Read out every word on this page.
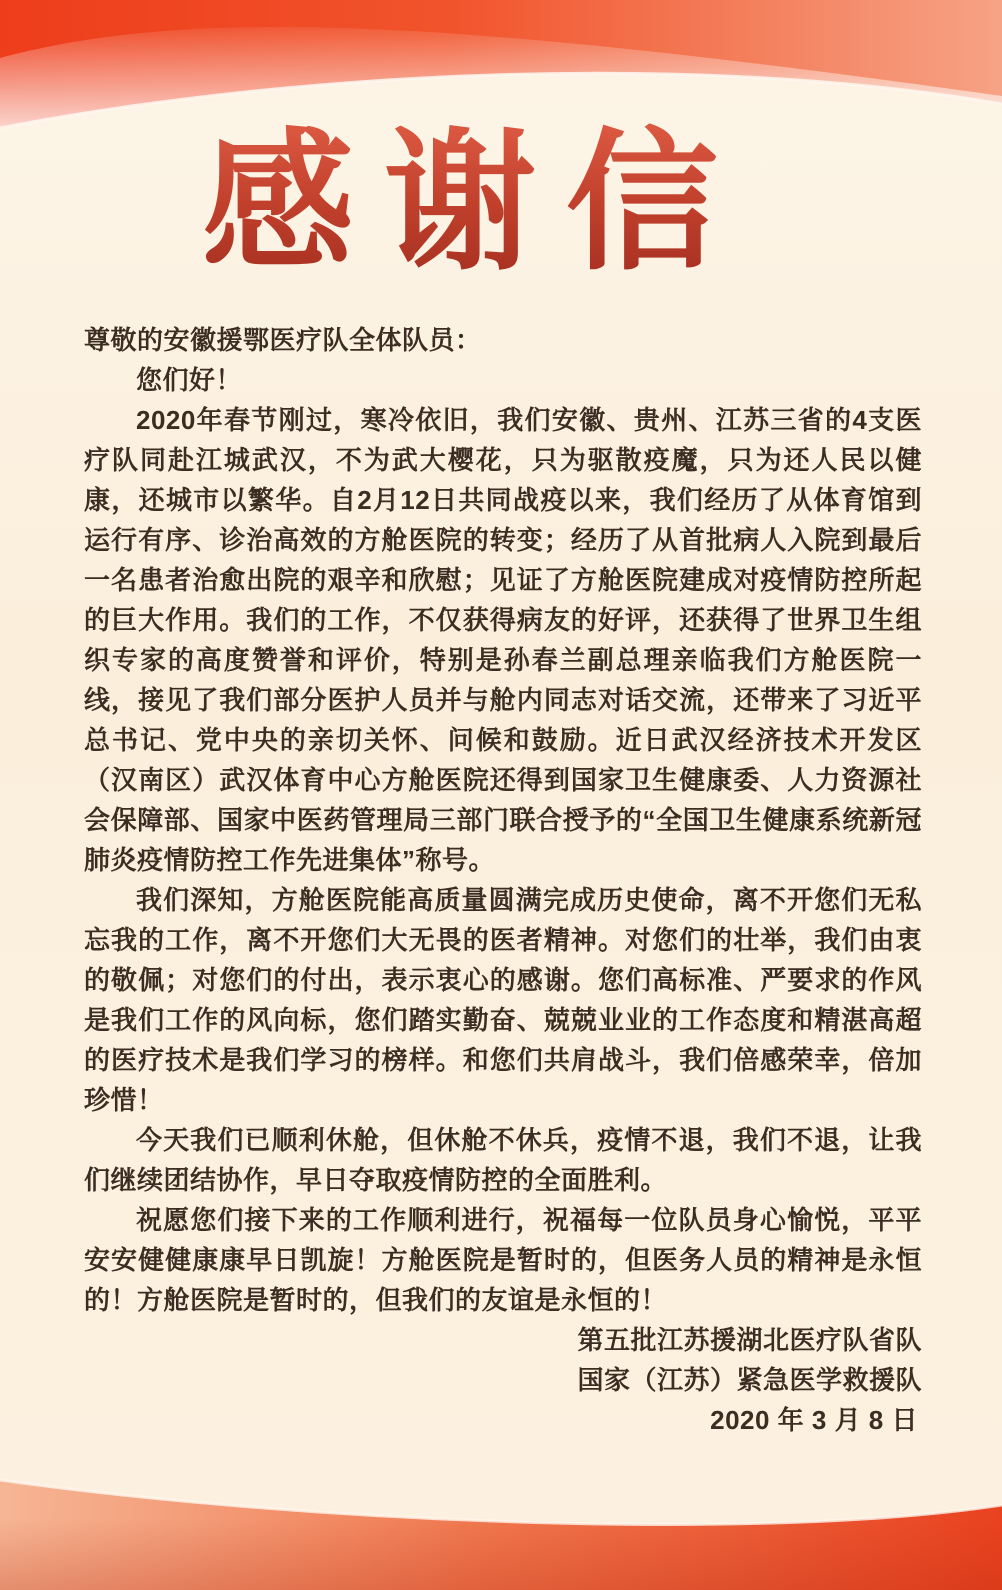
感谢信

尊敬的安徽援鄂医疗队全体队员：

您们好！

2020年春节刚过，寒冷依旧，我们安徽、贵州、江苏三省的4支医疗队同赴江城武汉，不为武大樱花，只为驱散疫魔，只为还人民以健康，还城市以繁华。自2月12日共同战疫以来，我们经历了从体育馆到运行有序、诊治高效的方舱医院的转变；经历了从首批病人入院到最后一名患者治愈出院的艰辛和欣慰；见证了方舱医院建成对疫情防控所起的巨大作用。我们的工作，不仅获得病友的好评，还获得了世界卫生组织专家的高度赞誉和评价，特别是孙春兰副总理亲临我们方舱医院一线，接见了我们部分医护人员并与舱内同志对话交流，还带来了习近平总书记、党中央的亲切关怀、问候和鼓励。近日武汉经济技术开发区（汉南区）武汉体育中心方舱医院还得到国家卫生健康委、人力资源社会保障部、国家中医药管理局三部门联合授予的“全国卫生健康系统新冠肺炎疫情防控工作先进集体”称号。

我们深知，方舱医院能高质量圆满完成历史使命，离不开您们无私忘我的工作，离不开您们大无畏的医者精神。对您们的壮举，我们由衷的敬佩；对您们的付出，表示衷心的感谢。您们高标准、严要求的作风是我们工作的风向标，您们踏实勤奋、兢兢业业的工作态度和精湛高超的医疗技术是我们学习的榜样。和您们共肩战斗，我们倍感荣幸，倍加珍惜！

今天我们已顺利休舱，但休舱不休兵，疫情不退，我们不退，让我们继续团结协作，早日夺取疫情防控的全面胜利。

祝愿您们接下来的工作顺利进行，祝福每一位队员身心愉悦，平平安安健健康康早日凯旋！方舱医院是暂时的，但医务人员的精神是永恒的！方舱医院是暂时的，但我们的友谊是永恒的！

第五批江苏援湖北医疗队省队

国家（江苏）紧急医学救援队

2020 年 3 月 8 日
